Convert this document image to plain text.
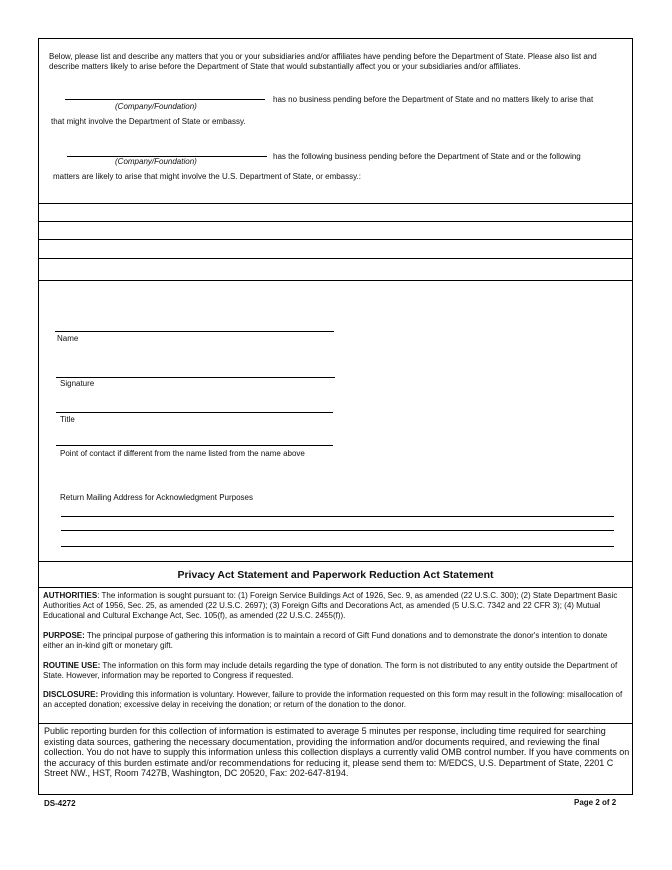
Below, please list and describe any matters that you or your subsidiaries and/or affiliates have pending before the Department of State. Please also list and describe matters likely to arise before the Department of State that would substantially affect you or your subsidiaries and/or affiliates.
(Company/Foundation)
has no business pending before the Department of State and no matters likely to arise that
that might involve the Department of State or embassy.
(Company/Foundation)
has the following business pending before the Department of State and or the following
matters are likely to arise that might involve the U.S. Department of State, or embassy.:
Name
Signature
Title
Point of contact if different from the name listed from the name above
Return Mailing Address for Acknowledgment Purposes
Privacy Act Statement and Paperwork Reduction Act Statement
AUTHORITIES: The information is sought pursuant to: (1) Foreign Service Buildings Act of 1926, Sec. 9, as amended (22 U.S.C. 300); (2) State Department Basic Authorities Act of 1956, Sec. 25, as amended (22 U.S.C. 2697); (3) Foreign Gifts and Decorations Act, as amended (5 U.S.C. 7342 and 22 CFR 3); (4) Mutual Educational and Cultural Exchange Act, Sec. 105(f), as amended (22 U.S.C. 2455(f)).
PURPOSE: The principal purpose of gathering this information is to maintain a record of Gift Fund donations and to demonstrate the donor's intention to donate either an in-kind gift or monetary gift.
ROUTINE USE: The information on this form may include details regarding the type of donation. The form is not distributed to any entity outside the Department of State. However, information may be reported to Congress if requested.
DISCLOSURE: Providing this information is voluntary. However, failure to provide the information requested on this form may result in the following: misallocation of an accepted donation; excessive delay in receiving the donation; or return of the donation to the donor.
Public reporting burden for this collection of information is estimated to average 5 minutes per response, including time required for searching existing data sources, gathering the necessary documentation, providing the information and/or documents required, and reviewing the final collection. You do not have to supply this information unless this collection displays a currently valid OMB control number. If you have comments on the accuracy of this burden estimate and/or recommendations for reducing it, please send them to: M/EDCS, U.S. Department of State, 2201 C Street NW., HST, Room 7427B, Washington, DC 20520, Fax: 202-647-8194.
DS-4272	Page 2 of 2
